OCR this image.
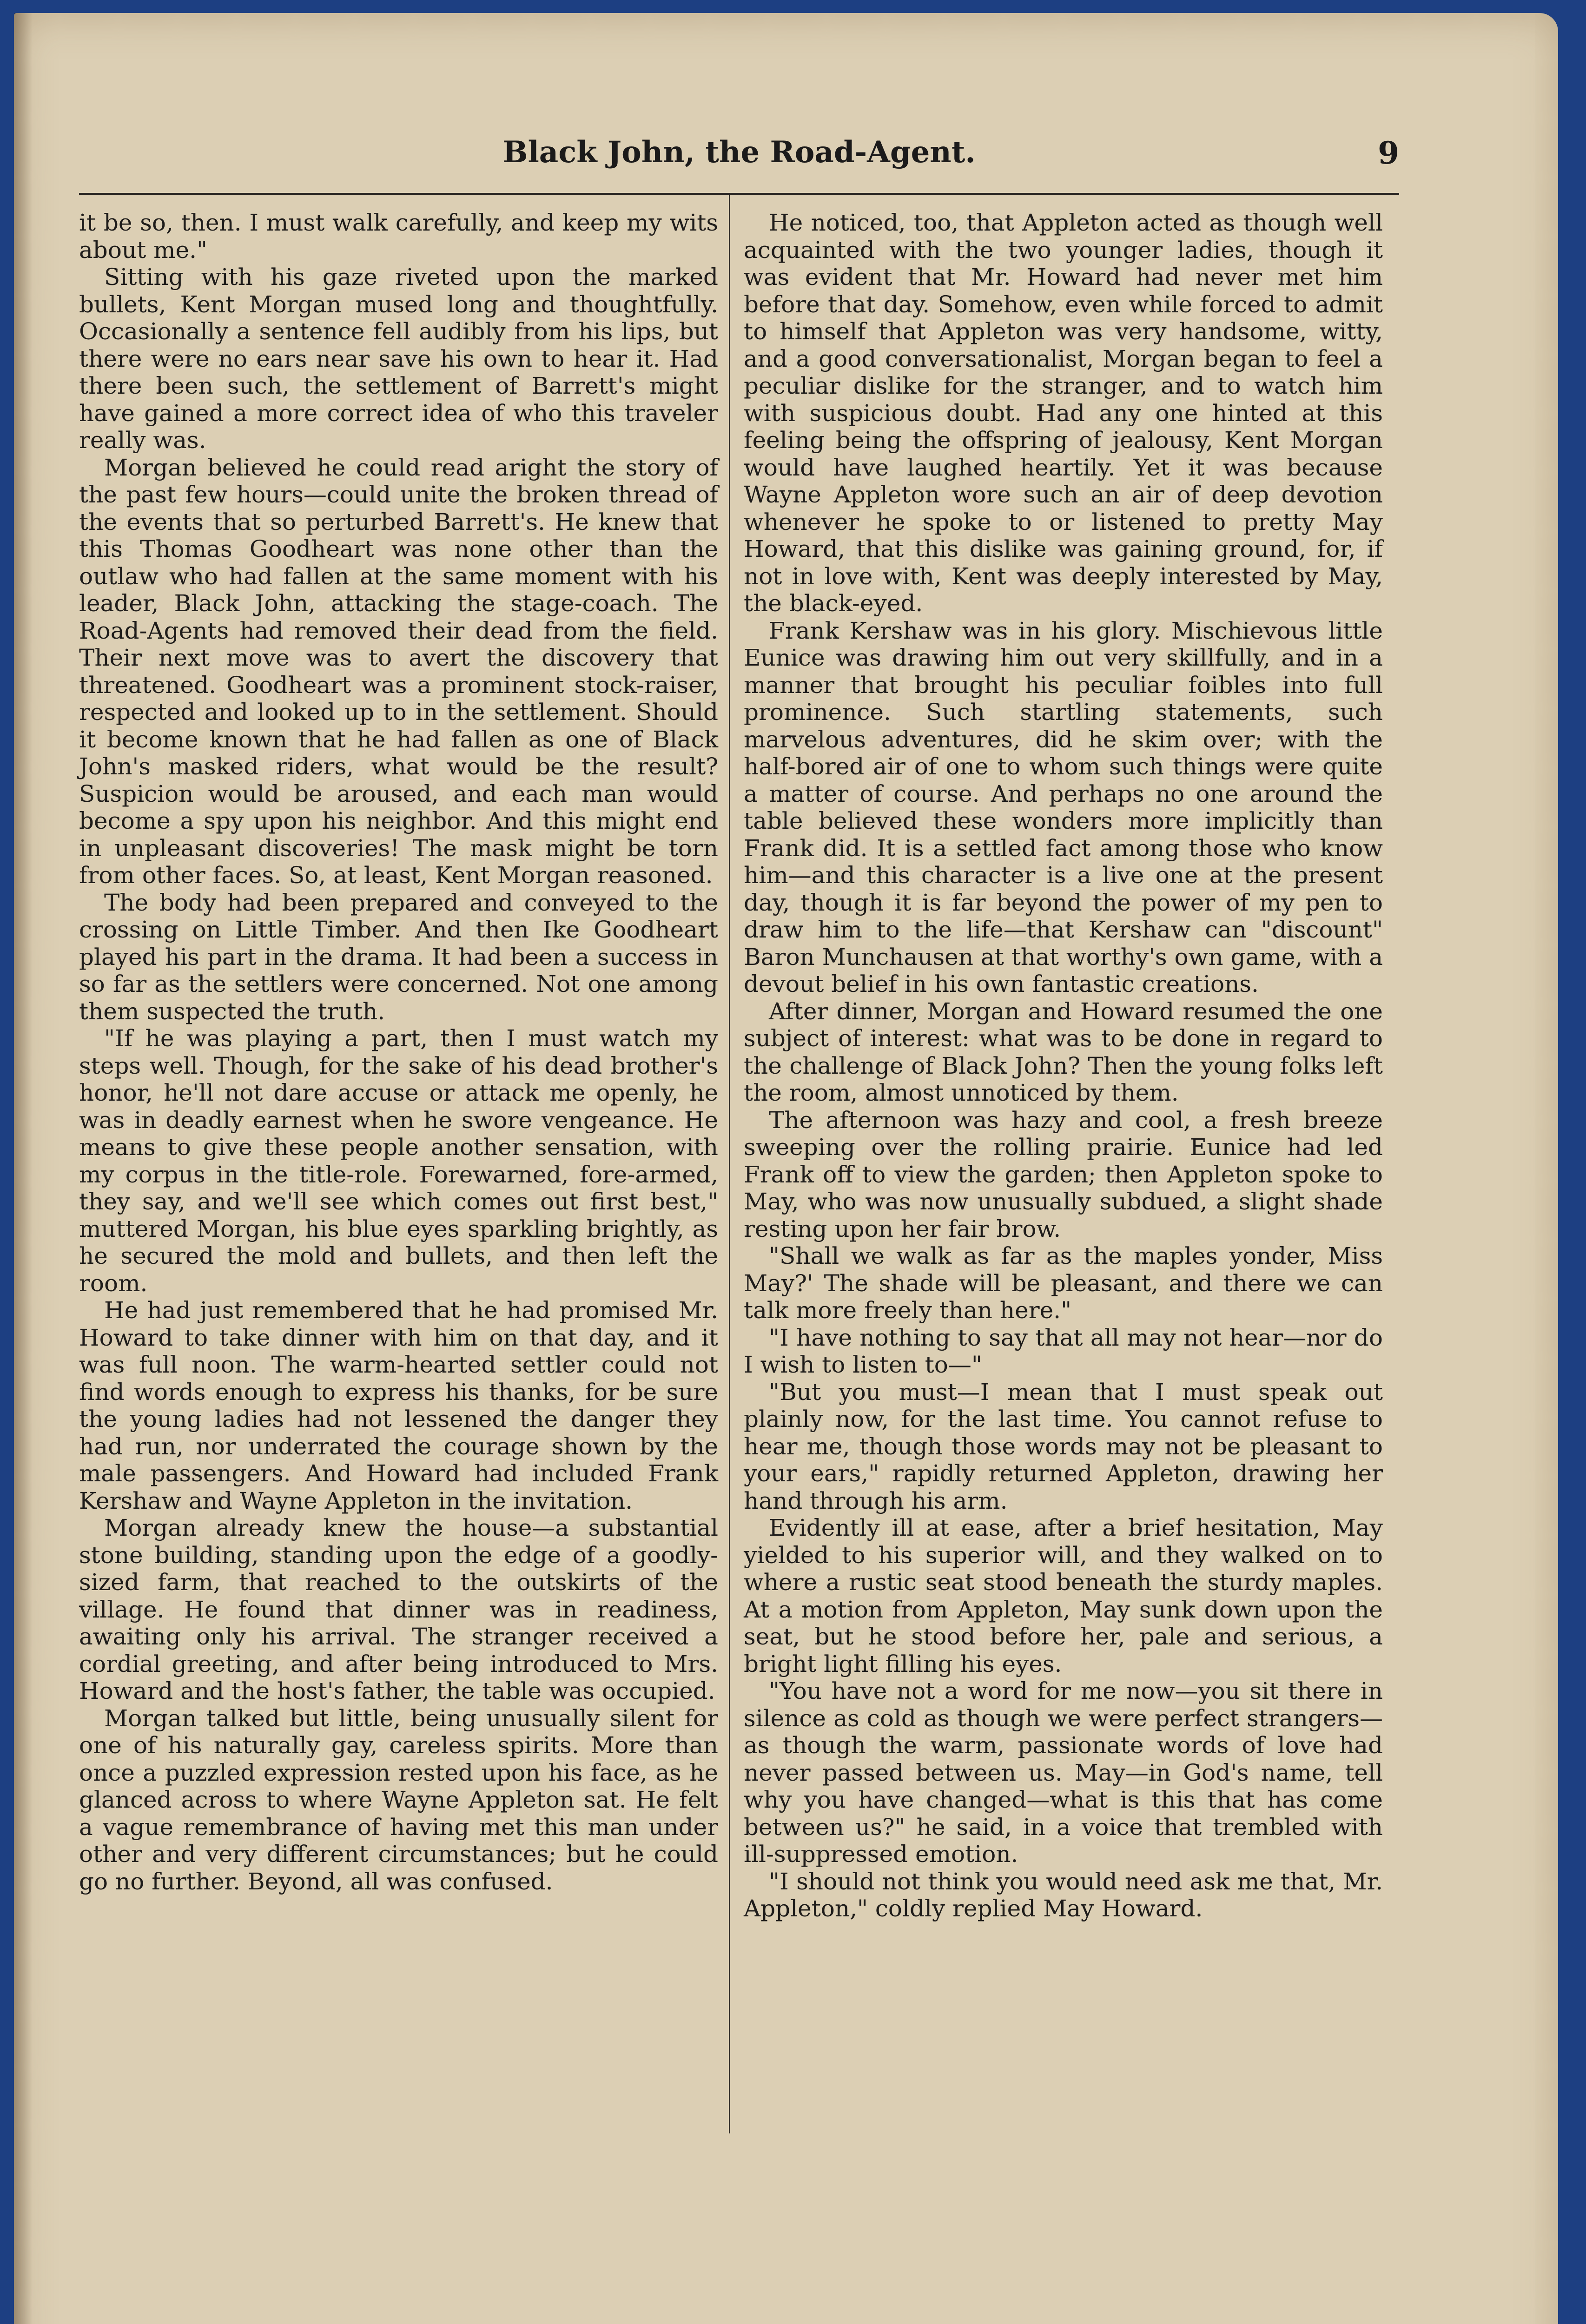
Black John, the Road-Agent.	9

it be so, then. I must walk carefully, and keep my wits about me."

Sitting with his gaze riveted upon the marked bullets, Kent Morgan mused long and thoughtfully. Occasionally a sentence fell audibly from his lips, but there were no ears near save his own to hear it. Had there been such, the settlement of Barrett's might have gained a more correct idea of who this traveler really was.

Morgan believed he could read aright the story of the past few hours—could unite the broken thread of the events that so perturbed Barrett's. He knew that this Thomas Goodheart was none other than the outlaw who had fallen at the same moment with his leader, Black John, attacking the stage-coach. The Road-Agents had removed their dead from the field. Their next move was to avert the discovery that threatened. Goodheart was a prominent stock-raiser, respected and looked up to in the settlement. Should it become known that he had fallen as one of Black John's masked riders, what would be the result? Suspicion would be aroused, and each man would become a spy upon his neighbor. And this might end in unpleasant discoveries! The mask might be torn from other faces. So, at least, Kent Morgan reasoned.

The body had been prepared and conveyed to the crossing on Little Timber. And then Ike Goodheart played his part in the drama. It had been a success in so far as the settlers were concerned. Not one among them suspected the truth.

"If he was playing a part, then I must watch my steps well. Though, for the sake of his dead brother's honor, he'll not dare accuse or attack me openly, he was in deadly earnest when he swore vengeance. He means to give these people another sensation, with my corpus in the title-role. Forewarned, fore-armed, they say, and we'll see which comes out first best," muttered Morgan, his blue eyes sparkling brightly, as he secured the mold and bullets, and then left the room.

He had just remembered that he had promised Mr. Howard to take dinner with him on that day, and it was full noon. The warm-hearted settler could not find words enough to express his thanks, for be sure the young ladies had not lessened the danger they had run, nor underrated the courage shown by the male passengers. And Howard had included Frank Kershaw and Wayne Appleton in the invitation.

Morgan already knew the house—a substantial stone building, standing upon the edge of a goodly-sized farm, that reached to the outskirts of the village. He found that dinner was in readiness, awaiting only his arrival. The stranger received a cordial greeting, and after being introduced to Mrs. Howard and the host's father, the table was occupied.

Morgan talked but little, being unusually silent for one of his naturally gay, careless spirits. More than once a puzzled expression rested upon his face, as he glanced across to where Wayne Appleton sat. He felt a vague remembrance of having met this man under other and very different circumstances; but he could go no further. Beyond, all was confused.

He noticed, too, that Appleton acted as though well acquainted with the two younger ladies, though it was evident that Mr. Howard had never met him before that day. Somehow, even while forced to admit to himself that Appleton was very handsome, witty, and a good conversationalist, Morgan began to feel a peculiar dislike for the stranger, and to watch him with suspicious doubt. Had any one hinted at this feeling being the offspring of jealousy, Kent Morgan would have laughed heartily. Yet it was because Wayne Appleton wore such an air of deep devotion whenever he spoke to or listened to pretty May Howard, that this dislike was gaining ground, for, if not in love with, Kent was deeply interested by May, the black-eyed.

Frank Kershaw was in his glory. Mischievous little Eunice was drawing him out very skillfully, and in a manner that brought his peculiar foibles into full prominence. Such startling statements, such marvelous adventures, did he skim over; with the half-bored air of one to whom such things were quite a matter of course. And perhaps no one around the table believed these wonders more implicitly than Frank did. It is a settled fact among those who know him—and this character is a live one at the present day, though it is far beyond the power of my pen to draw him to the life—that Kershaw can "discount" Baron Munchausen at that worthy's own game, with a devout belief in his own fantastic creations.

After dinner, Morgan and Howard resumed the one subject of interest: what was to be done in regard to the challenge of Black John? Then the young folks left the room, almost unnoticed by them.

The afternoon was hazy and cool, a fresh breeze sweeping over the rolling prairie. Eunice had led Frank off to view the garden; then Appleton spoke to May, who was now unusually subdued, a slight shade resting upon her fair brow.

"Shall we walk as far as the maples yonder, Miss May?' The shade will be pleasant, and there we can talk more freely than here."

"I have nothing to say that all may not hear—nor do I wish to listen to—"

"But you must—I mean that I must speak out plainly now, for the last time. You cannot refuse to hear me, though those words may not be pleasant to your ears," rapidly returned Appleton, drawing her hand through his arm.

Evidently ill at ease, after a brief hesitation, May yielded to his superior will, and they walked on to where a rustic seat stood beneath the sturdy maples. At a motion from Appleton, May sunk down upon the seat, but he stood before her, pale and serious, a bright light filling his eyes.

"You have not a word for me now—you sit there in silence as cold as though we were perfect strangers—as though the warm, passionate words of love had never passed between us. May—in God's name, tell why you have changed—what is this that has come between us?" he said, in a voice that trembled with ill-suppressed emotion.

"I should not think you would need ask me that, Mr. Appleton," coldly replied May Howard.
